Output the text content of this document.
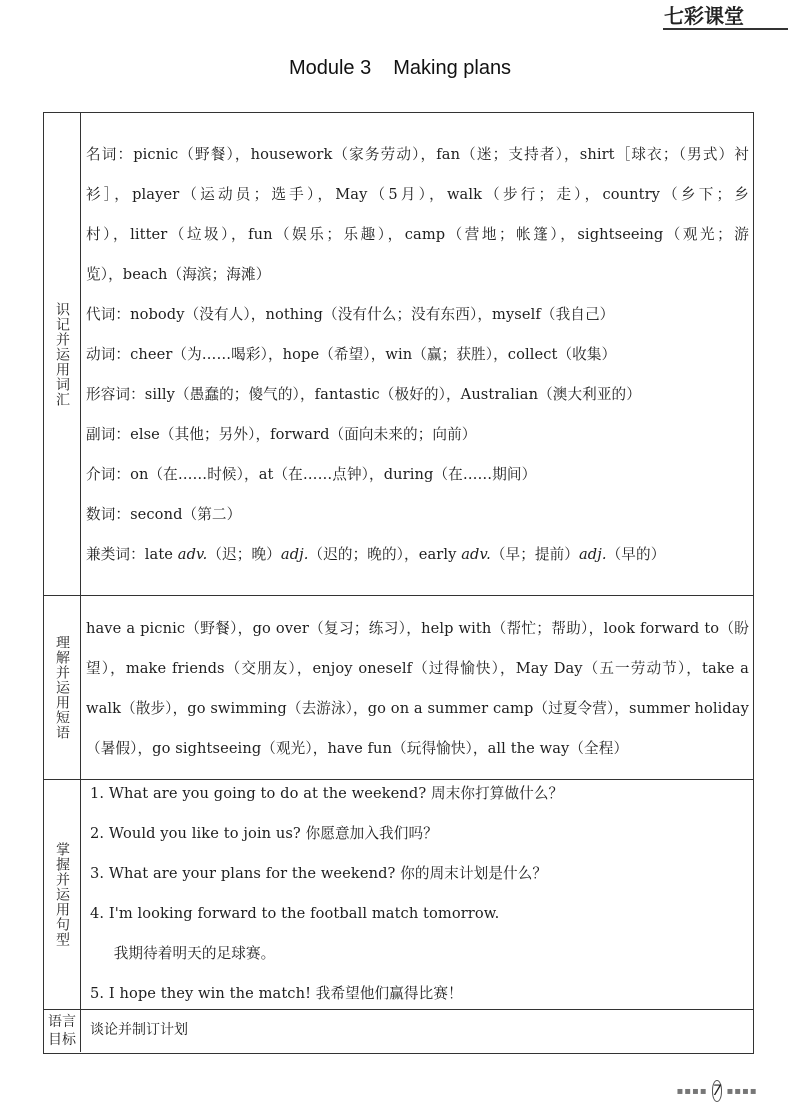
七彩课堂
Module 3 Making plans
识记并运用词汇
名词：picnic（野餐），housework（家务劳动），fan（迷；支持者），shirt［球衣；（男式）衬
衫］，player（运动员；选手），May（5月），walk（步行；走），country（乡下；乡
村），litter（垃圾），fun（娱乐；乐趣），camp（营地；帐篷），sightseeing（观光；游
览），beach（海滨；海滩）
代词：nobody（没有人），nothing（没有什么；没有东西），myself（我自己）
动词：cheer（为……喝彩），hope（希望），win（赢；获胜），collect（收集）
形容词：silly（愚蠢的；傻气的），fantastic（极好的），Australian（澳大利亚的）
副词：else（其他；另外），forward（面向未来的；向前）
介词：on（在……时候），at（在……点钟），during（在……期间）
数词：second（第二）
兼类词：late adv.（迟；晚）adj.（迟的；晚的），early adv.（早；提前）adj.（早的）
理解并运用短语
have a picnic（野餐），go over（复习；练习），help with（帮忙；帮助），look forward to（盼
望），make friends（交朋友），enjoy oneself（过得愉快），May Day（五一劳动节），take a
walk（散步），go swimming（去游泳），go on a summer camp（过夏令营），summer holiday
（暑假），go sightseeing（观光），have fun（玩得愉快），all the way（全程）
掌握并运用句型
1. What are you going to do at the weekend? 周末你打算做什么？
2. Would you like to join us? 你愿意加入我们吗？
3. What are your plans for the weekend? 你的周末计划是什么？
4. I'm looking forward to the football match tomorrow.
我期待着明天的足球赛。
5. I hope they win the match! 我希望他们赢得比赛！
语言目标
谈论并制订计划
▪▪▪▪ 7 ▪▪▪▪
